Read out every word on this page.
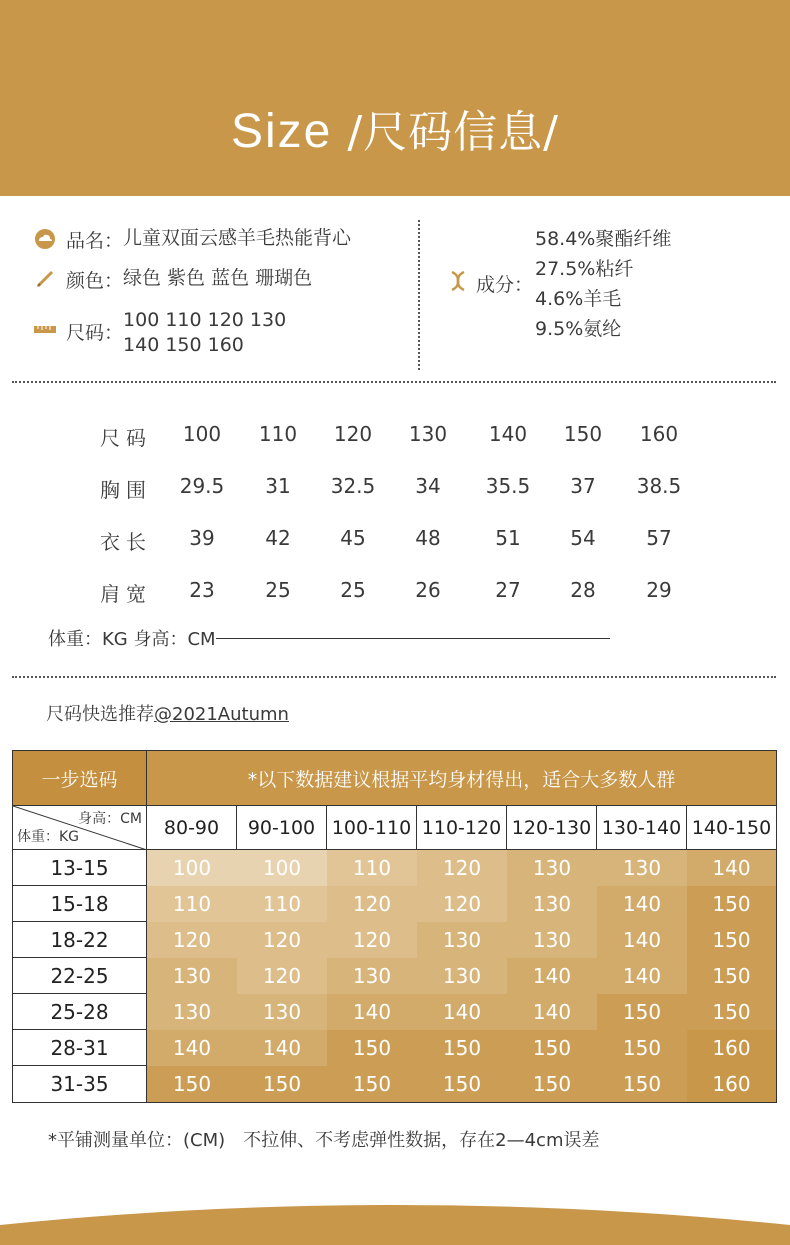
Size /尺码信息/
品名： 儿童双面云感羊毛热能背心
颜色： 绿色 紫色 蓝色 珊瑚色
尺码：
100 110 120 130
140 150 160
成分：
58.4%聚酯纤维
27.5%粘纤
4.6%羊毛
9.5%氨纶
尺码	100	110	120	130	140	150	160
胸围	29.5	31	32.5	34	35.5	37	38.5
衣长	39	42	45	48	51	54	57
肩宽	23	25	25	26	27	28	29
体重：KG 身高：CM
尺码快选推荐@2021Autumn
一步选码	*以下数据建议根据平均身材得出，适合大多数人群
身高：CM
体重：KG	80-90	90-100 100-110 110-120 120-130 130-140 140-150
13-15	100	100	110	120	130	130	140
15-18	110	110	120	120	130	140	150
18-22	120	120	120	130	130	140	150
22-25	130	120	130	130	140	140	150
25-28	130	130	140	140	140	150	150
28-31	140	140	150	150	150	150	160
31-35	150	150	150	150	150	150	160
*平铺测量单位：(CM)　不拉伸、不考虑弹性数据，存在2—4cm误差
